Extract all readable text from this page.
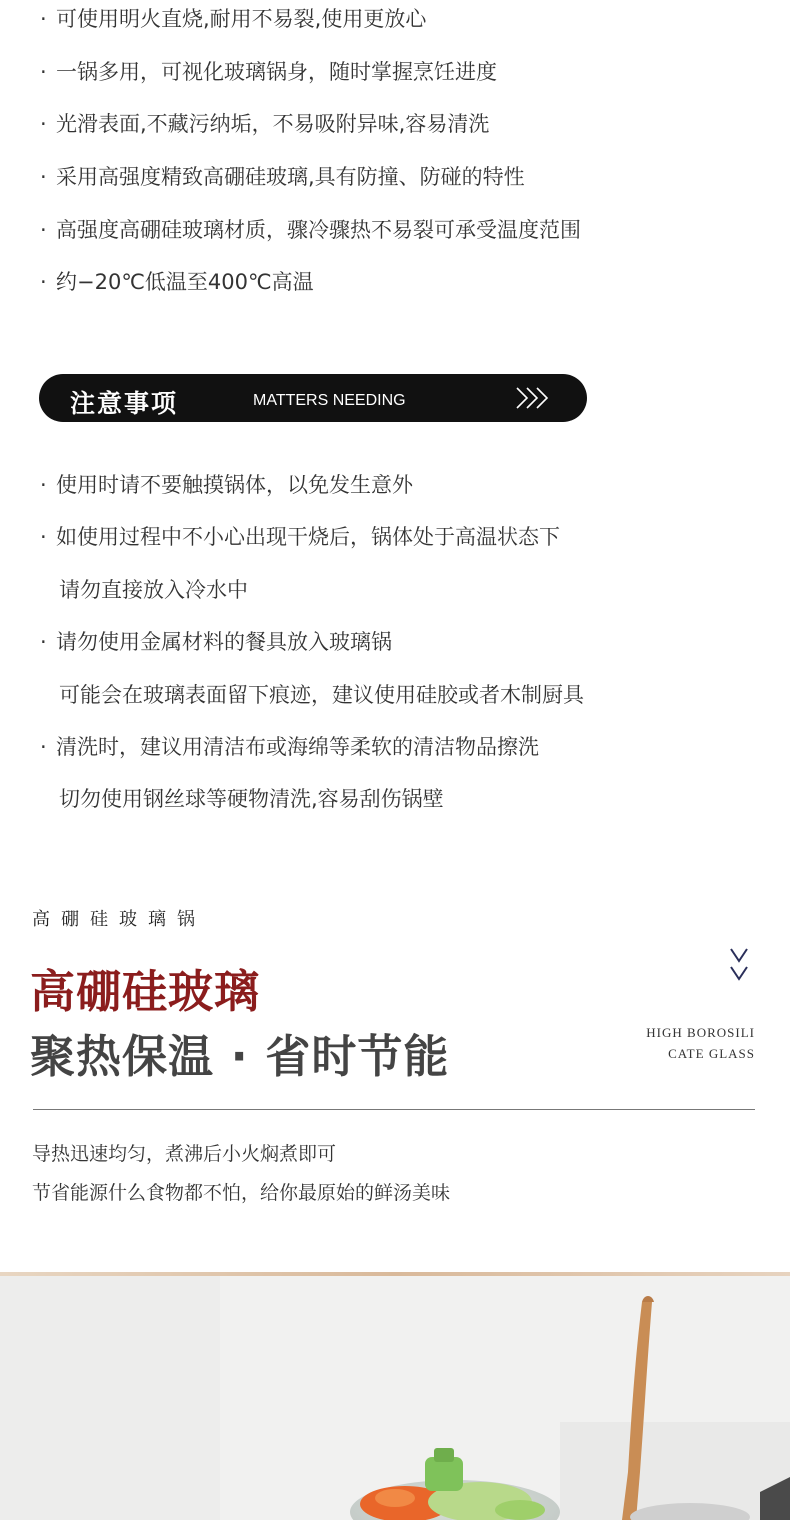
· 可使用明火直烧,耐用不易裂,使用更放心
· 一锅多用，可视化玻璃锅身，随时掌握烹饪进度
· 光滑表面,不藏污纳垢，不易吸附异味,容易清洗
· 采用高强度精致高硼硅玻璃,具有防撞、防碰的特性
· 高强度高硼硅玻璃材质，骤冷骤热不易裂可承受温度范围
· 约−20℃低温至400℃高温
注意事项	MATTERS NEEDING
· 使用时请不要触摸锅体，以免发生意外
· 如使用过程中不小心出现干烧后，锅体处于高温状态下
请勿直接放入冷水中
· 请勿使用金属材料的餐具放入玻璃锅
可能会在玻璃表面留下痕迹，建议使用硅胶或者木制厨具
· 清洗时，建议用清洁布或海绵等柔软的清洁物品擦洗
切勿使用钢丝球等硬物清洗,容易刮伤锅壁
高硼硅玻璃锅
高硼硅玻璃
聚热保温 · 省时节能	HIGH BOROSILI
CATE GLASS
导热迅速均匀，煮沸后小火焖煮即可
节省能源什么食物都不怕，给你最原始的鲜汤美味
